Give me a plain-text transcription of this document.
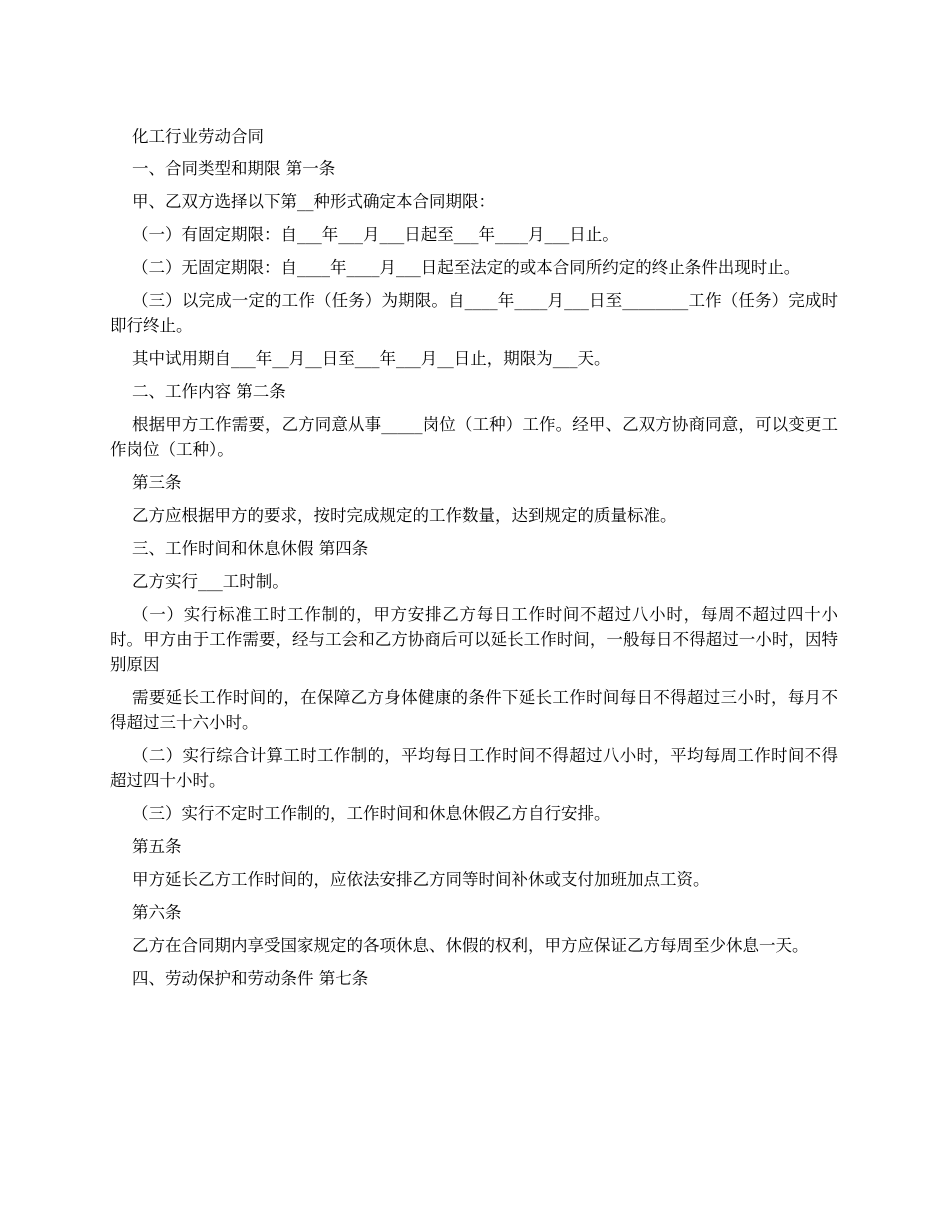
化工行业劳动合同

一、合同类型和期限 第一条

甲、乙双方选择以下第__种形式确定本合同期限：

（一）有固定期限：自___年___月___日起至___年____月___日止。

（二）无固定期限：自____年____月___日起至法定的或本合同所约定的终止条件出现时止。

（三）以完成一定的工作（任务）为期限。自____年____月___日至________工作（任务）完成时即行终止。

其中试用期自___年__月__日至___年___月__日止，期限为___天。

二、工作内容 第二条

根据甲方工作需要，乙方同意从事_____岗位（工种）工作。经甲、乙双方协商同意，可以变更工作岗位（工种）。

第三条

乙方应根据甲方的要求，按时完成规定的工作数量，达到规定的质量标准。

三、工作时间和休息休假 第四条

乙方实行___工时制。

（一）实行标准工时工作制的，甲方安排乙方每日工作时间不超过八小时，每周不超过四十小时。甲方由于工作需要，经与工会和乙方协商后可以延长工作时间，一般每日不得超过一小时，因特别原因

需要延长工作时间的，在保障乙方身体健康的条件下延长工作时间每日不得超过三小时，每月不得超过三十六小时。

（二）实行综合计算工时工作制的，平均每日工作时间不得超过八小时，平均每周工作时间不得超过四十小时。

（三）实行不定时工作制的，工作时间和休息休假乙方自行安排。

第五条

甲方延长乙方工作时间的，应依法安排乙方同等时间补休或支付加班加点工资。

第六条

乙方在合同期内享受国家规定的各项休息、休假的权利，甲方应保证乙方每周至少休息一天。

四、劳动保护和劳动条件 第七条
